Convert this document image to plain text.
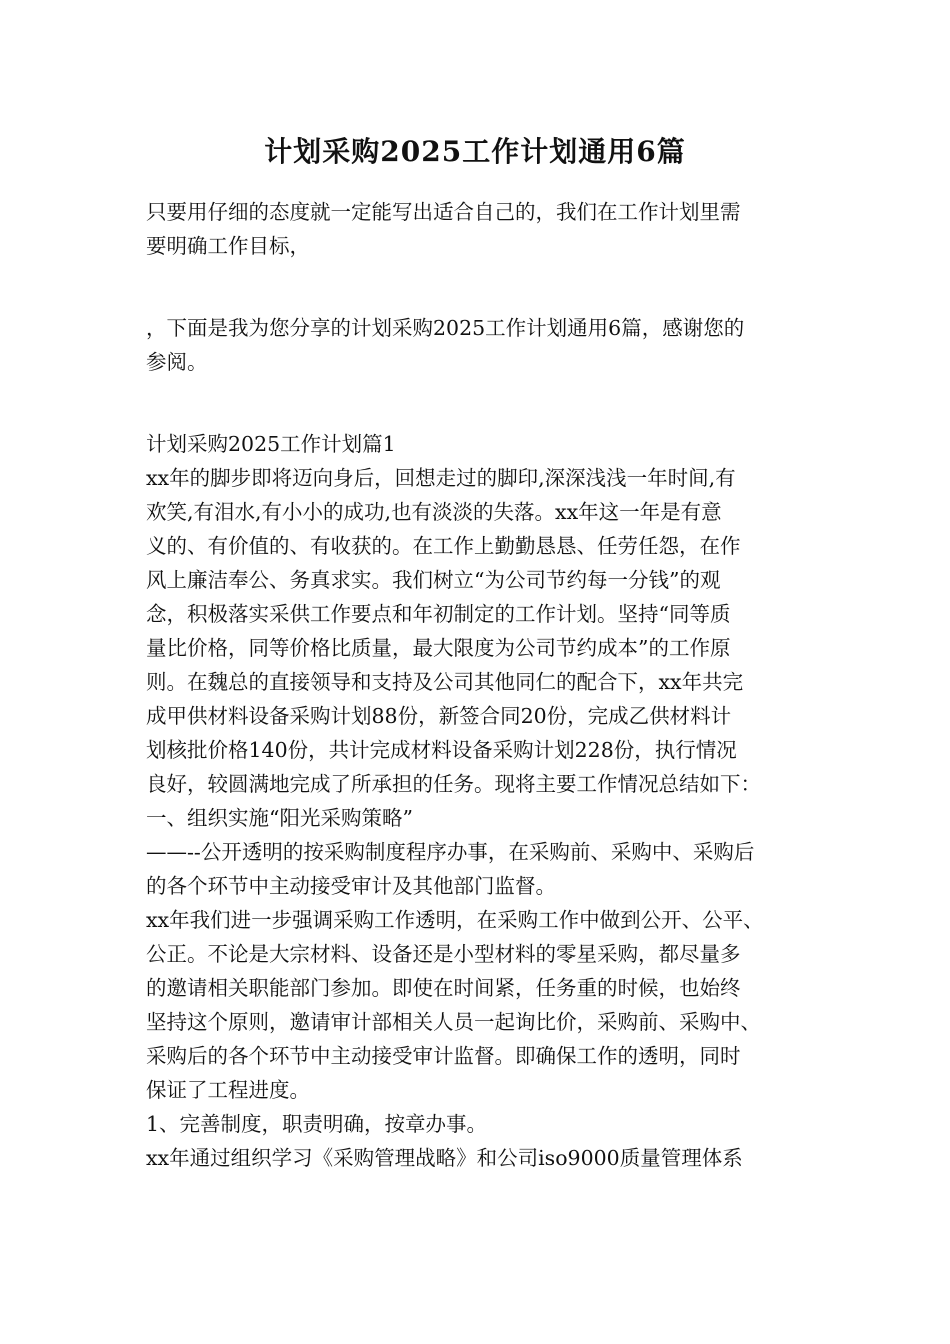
计划采购2025工作计划通用6篇
只要用仔细的态度就一定能写出适合自己的，我们在工作计划里需
要明确工作目标，
，下面是我为您分享的计划采购2025工作计划通用6篇，感谢您的
参阅。
计划采购2025工作计划篇1
xx年的脚步即将迈向身后，回想走过的脚印,深深浅浅一年时间,有
欢笑,有泪水,有小小的成功,也有淡淡的失落。xx年这一年是有意
义的、有价值的、有收获的。在工作上勤勤恳恳、任劳任怨，在作
风上廉洁奉公、务真求实。我们树立“为公司节约每一分钱”的观
念，积极落实采供工作要点和年初制定的工作计划。坚持“同等质
量比价格，同等价格比质量，最大限度为公司节约成本”的工作原
则。在魏总的直接领导和支持及公司其他同仁的配合下，xx年共完
成甲供材料设备采购计划88份，新签合同20份，完成乙供材料计
划核批价格140份，共计完成材料设备采购计划228份，执行情况
良好，较圆满地完成了所承担的任务。现将主要工作情况总结如下：
一、组织实施“阳光采购策略”
——--公开透明的按采购制度程序办事，在采购前、采购中、采购后
的各个环节中主动接受审计及其他部门监督。
xx年我们进一步强调采购工作透明，在采购工作中做到公开、公平、
公正。不论是大宗材料、设备还是小型材料的零星采购，都尽量多
的邀请相关职能部门参加。即使在时间紧，任务重的时候，也始终
坚持这个原则，邀请审计部相关人员一起询比价，采购前、采购中、
采购后的各个环节中主动接受审计监督。即确保工作的透明，同时
保证了工程进度。
1、完善制度，职责明确，按章办事。
xx年通过组织学习《采购管理战略》和公司iso9000质量管理体系
